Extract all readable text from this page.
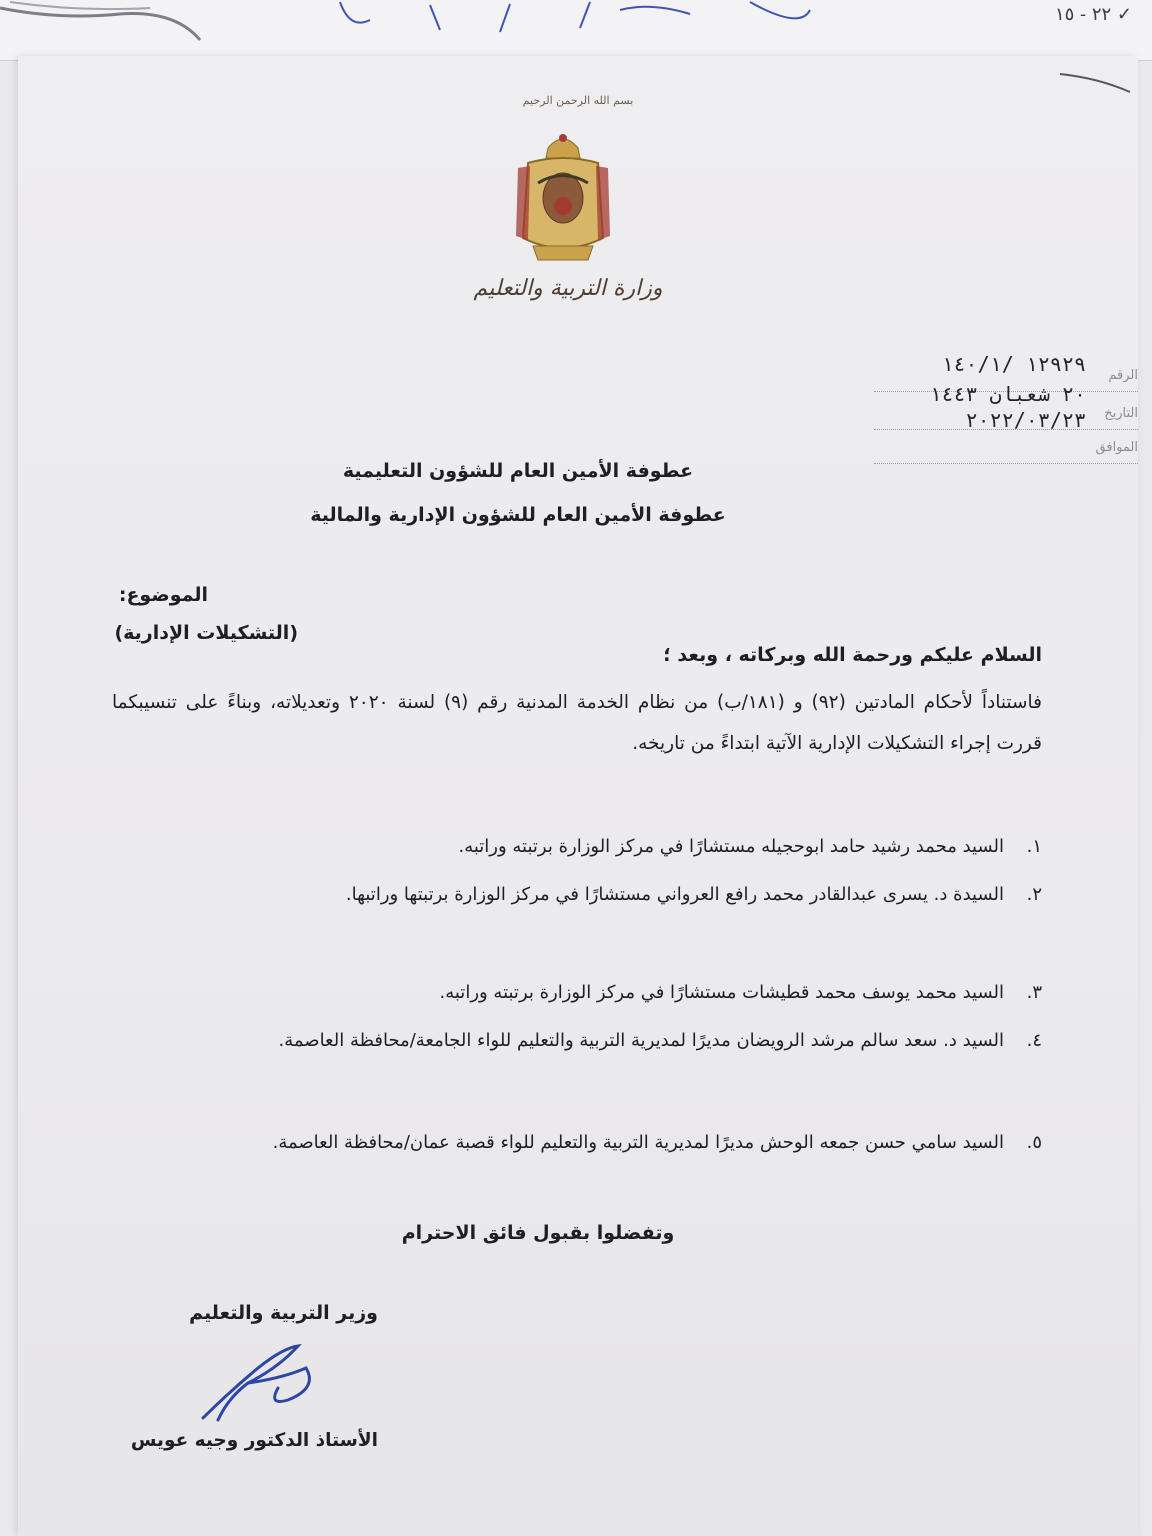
✓ ٢٢ - ١٥
بسم الله الرحمن الرحيم
وزارة التربية والتعليم
الرقم
١٢٩٢٩ /١٤٠/١
التاريخ
٢٠ شعبان ١٤٤٣
٢٠٢٢/٠٣/٢٣
الموافق
عطوفة الأمين العام للشؤون التعليمية
عطوفة الأمين العام للشؤون الإدارية والمالية
الموضوع:
(التشكيلات الإدارية)
السلام عليكم ورحمة الله وبركاته ، وبعد ؛
فاستناداً لأحكام المادتين (٩٢) و (١٨١/ب) من نظام الخدمة المدنية رقم (٩) لسنة ٢٠٢٠ وتعديلاته، وبناءً على تنسيبكما قررت إجراء التشكيلات الإدارية الآتية ابتداءً من تاريخه.
١.السيد محمد رشيد حامد ابوحجيله مستشارًا في مركز الوزارة برتبته وراتبه.
٢.السيدة د. يسرى عبدالقادر محمد رافع العرواني مستشارًا في مركز الوزارة برتبتها وراتبها.
٣.السيد محمد يوسف محمد قطيشات مستشارًا في مركز الوزارة برتبته وراتبه.
٤.السيد د. سعد سالم مرشد الرويضان مديرًا لمديرية التربية والتعليم للواء الجامعة/محافظة العاصمة.
٥.السيد سامي حسن جمعه الوحش مديرًا لمديرية التربية والتعليم للواء قصبة عمان/محافظة العاصمة.
وتفضلوا بقبول فائق الاحترام
وزير التربية والتعليم
الأستاذ الدكتور وجيه عويس
